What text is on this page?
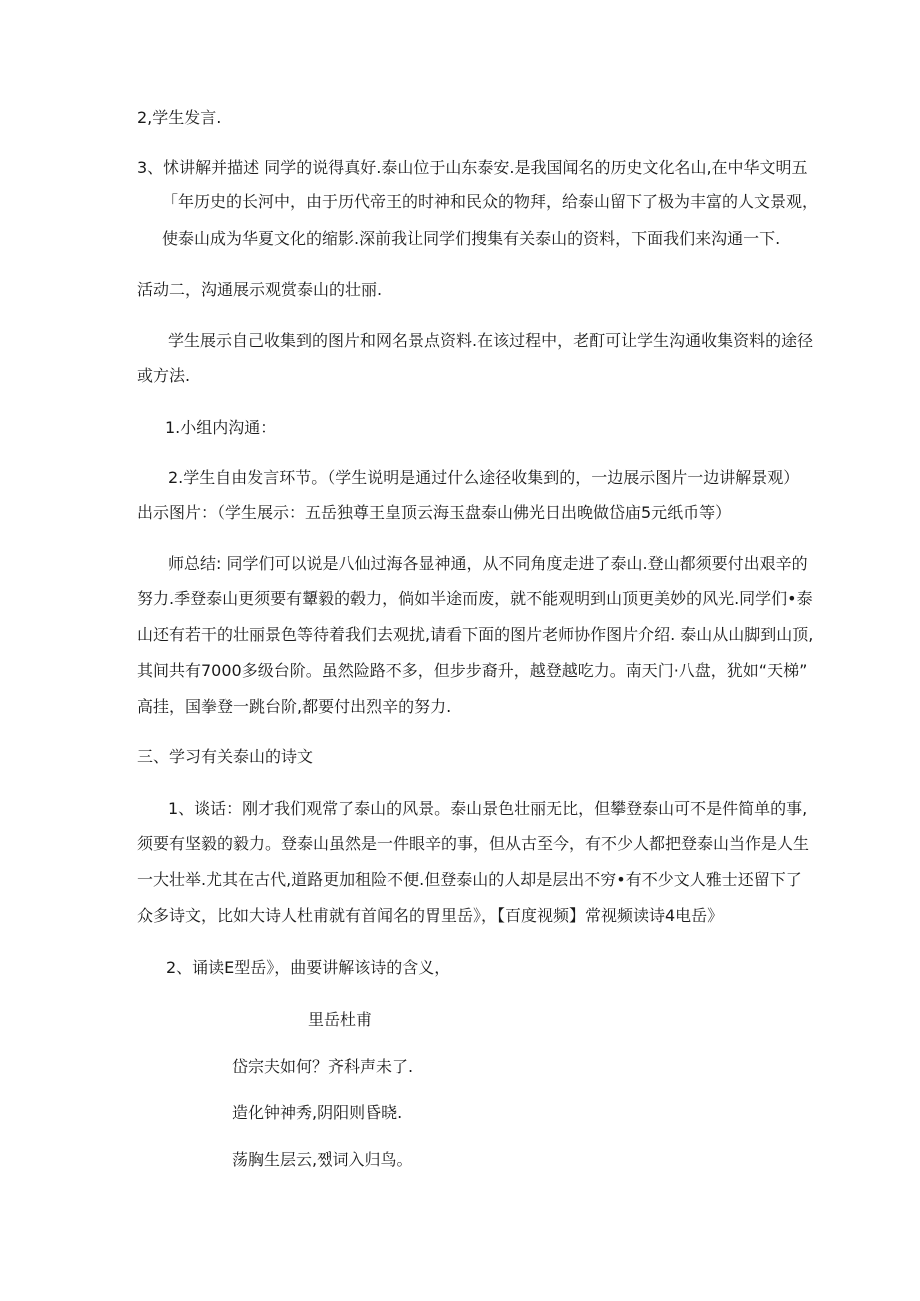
2,学生发言.
3、怵讲解并描述 同学的说得真好.泰山位于山东泰安.是我国闻名的历史文化名山,在中华文明五
「年历史的长河中，由于历代帝王的时神和民众的物拜，给泰山留下了极为丰富的人文景观，
使泰山成为华夏文化的缩影.深前我让同学们搜集有关泰山的资料，下面我们来沟通一下.
活动二，沟通展示观赏泰山的壮丽.
学生展示自己收集到的图片和网名景点资料.在该过程中，老酊可让学生沟通收集资料的途径
或方法.
1.小组内沟通：
2.学生自由发言环节。（学生说明是通过什么途径收集到的，一边展示图片一边讲解景观）
出示图片：（学生展示：五岳独尊王皇顶云海玉盘泰山佛光日出晚做岱庙5元纸币等）
师总结: 同学们可以说是八仙过海各显神通，从不同角度走进了泰山.登山都须要付出艰辛的
努力.季登泰山更须要有顰毅的毂力，倘如半途而废，就不能观明到山顶更美妙的风光.同学们•泰
山还有若干的壮丽景色等待着我们去观扰,请看下面的图片老师协作图片介绍. 泰山从山脚到山顶,
其间共有7000多级台阶。虽然险路不多，但步步裔升，越登越吃力。南天门·八盘，犹如“天梯”
高挂，国拳登一跳台阶,都要付出烈辛的努力.
三、学习有关泰山的诗文
1、谈话：刚才我们观常了泰山的风景。泰山景色壮丽无比，但攀登泰山可不是件简单的事,
须要有坚毅的毅力。登泰山虽然是一件眼辛的事，但从古至今，有不少人都把登泰山当作是人生
一大壮举.尤其在古代,道路更加租险不便.但登泰山的人却是层出不穷•有不少文人雅士还留下了
众多诗文，比如大诗人杜甫就有首闻名的胃里岳》，【百度视频】常视频读诗4电岳》
2、诵读E型岳》，曲要讲解该诗的含义，
里岳杜甫
岱宗夫如何？齐科声未了.
造化钟神秀,阴阳则昏晓.
荡胸生层云,쨌词入归鸟。
